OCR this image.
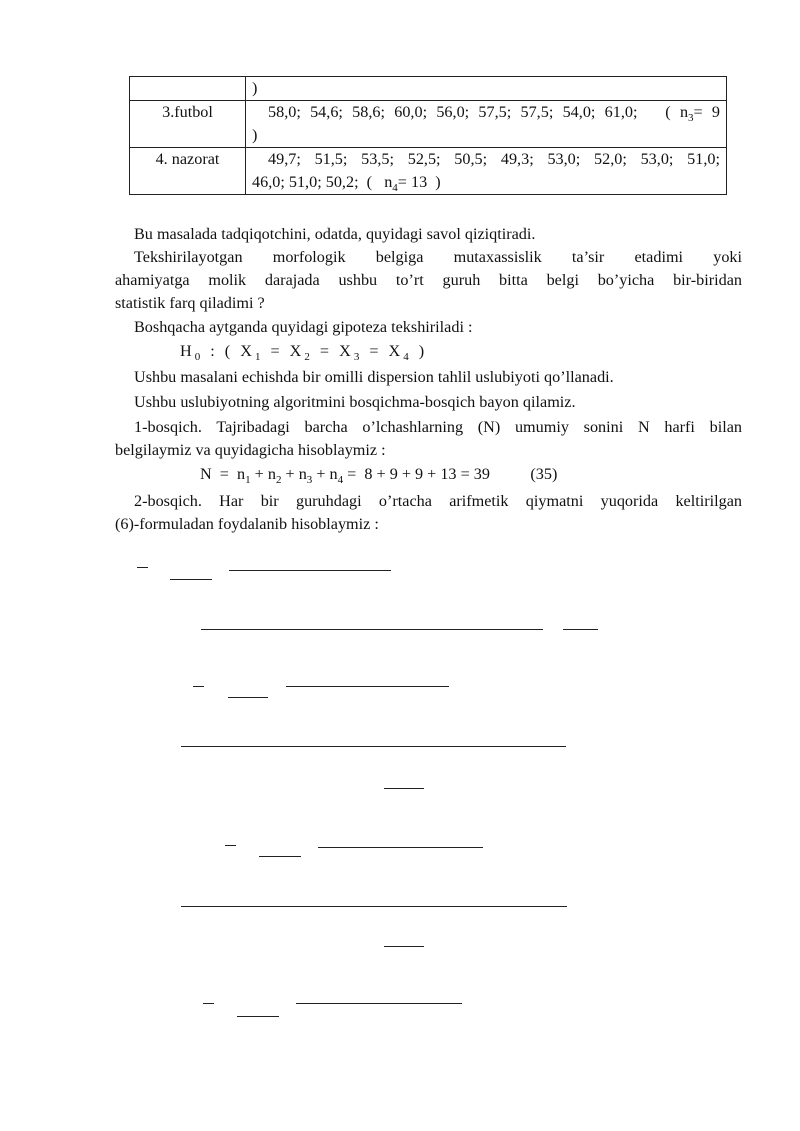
	)
3.futbol	58,0; 54,6; 58,6; 60,0; 56,0; 57,5; 57,5; 54,0; 61,0; ( $n_3= 9$
)
4. nazorat	49,7; 51,5; 53,5; 52,5; 50,5; 49,3; 53,0; 52,0; 53,0; 51,0;
46,0; 51,0; 50,2; ( $n_4= 13$ )
Bu masalada tadqiqotchini, odatda, quyidagi savol qiziqtiradi.
Tekshirilayotgan morfologik belgiga mutaxassislik ta’sir etadimi yoki
ahamiyatga molik darajada ushbu to’rt guruh bitta belgi bo’yicha bir-biridan
statistik farq qiladimi ?
Boshqacha aytganda quyidagi gipoteza tekshiriladi :
$H_0$ : ( $X_1 = X_2 = X_3 = X_4$ )
Ushbu masalani echishda bir omilli dispersion tahlil uslubiyoti qo’llanadi.
Ushbu uslubiyotning algoritmini bosqichma-bosqich bayon qilamiz.
1-bosqich. Tajribadagi barcha o’lchashlarning (N) umumiy sonini N harfi bilan
belgilaymiz va quyidagicha hisoblaymiz :
$N = n_1 + n_2 + n_3 + n_4 = 8 + 9 + 9 + 13 = 39$ (35)
2-bosqich. Har bir guruhdagi o’rtacha arifmetik qiymatni yuqorida keltirilgan
(6)-formuladan foydalanib hisoblaymiz :
